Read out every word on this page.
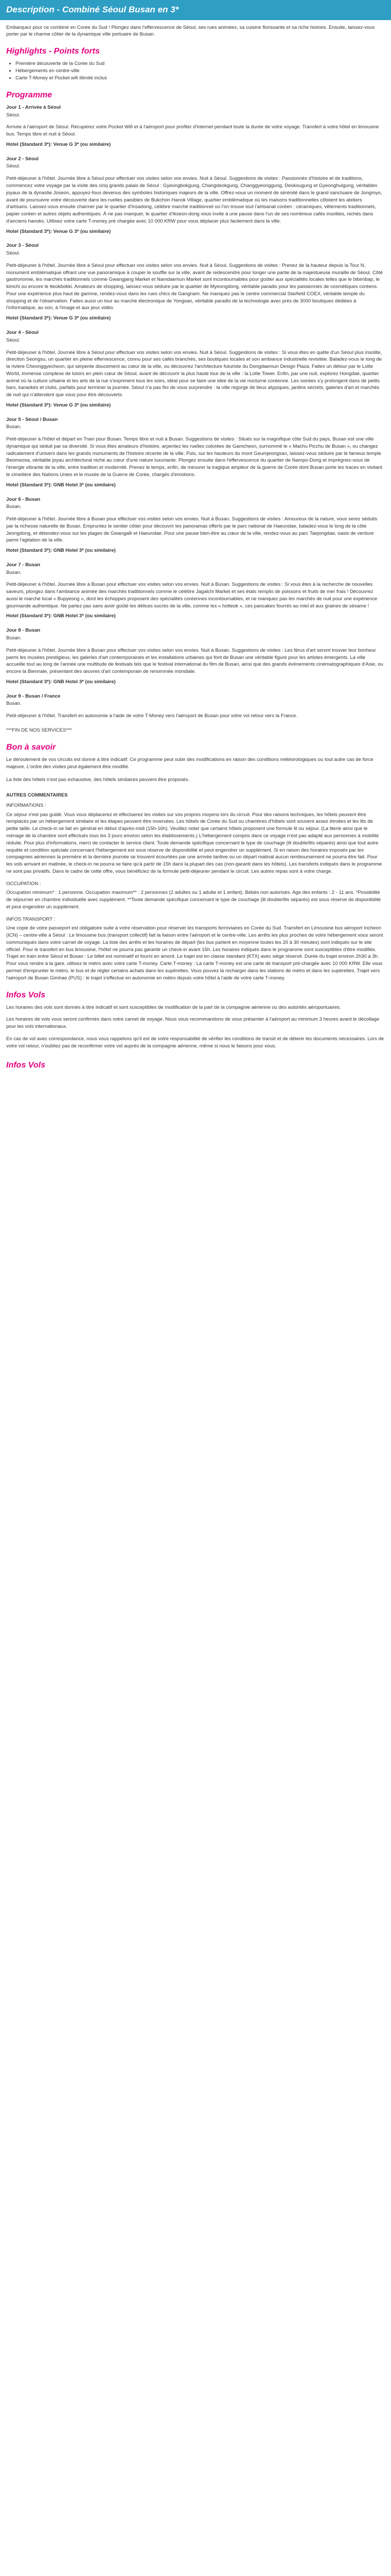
Description - Combiné Séoul Busan en 3*
Embarquez pour ce combiné en Corée du Sud ! Plongez dans l'effervescence de Séoul, ses rues animées, sa cuisine florissante et sa riche histoire. Ensuite, laissez-vous porter par le charme côtier de la dynamique ville portuaire de Busan.
Highlights - Points forts
• Première découverte de la Corée du Sud
• Hébergements en centre-ville
• Carte T-Money et Pocket wifi illimité inclus
Programme
Jour 1 - Arrivée à Séoul
Séoul.
Arrivée à l'aéroport de Séoul. Récupérez votre Pocket Wifi et à l'aéroport pour profiter d'internet pendant toute la durée de votre voyage. Transfert à votre hôtel en limousine bus. Temps libre et nuit à Séoul.
Hotel (Standard 3*): Venue G 3* (ou similaire)
Jour 2 - Séoul
Séoul.
Petit-déjeuner à l'hôtel. Journée libre à Séoul pour effectuer vos visites selon vos envies. Nuit à Séoul. Suggestions de visites : Passionnés d'histoire et de traditions, commencez votre voyage par la visite des cinq grands palais de Séoul : Gyeongbokgung, Changdeokgung, Changgyeonggung, Deoksugung et Gyeonghuigung, véritables joyaux de la dynastie Joseon, appuyez-fous devenus des symboles historiques majeurs de la ville. Offrez-vous un moment de sérénité dans le grand sanctuaire de Jongmyo, avant de poursuivre votre découverte dans les ruelles paisibles de Bukchon Hanok Village, quartier emblématique où les maisons traditionnelles côtoient les ateliers d'artisans. Laissez-vous ensuite charmer par le quartier d'Insadong, célèbre marché traditionnel où l'on trouve tout l'artisanat coréen : céramiques, vêtements traditionnels, papier coréen et autres objets authentiques. À ne pas manquer, le quartier d'Ikseon-dong vous invite à une pause dans l'un de ses nombreux cafés insolites, nichés dans d'anciens hanoks. Utilisez votre carte T-money pré chargée avec 10 000 KRW pour vous déplacer plus facilement dans la ville.
Hotel (Standard 3*): Venue G 3* (ou similaire)
Jour 3 - Séoul
Séoul.
Petit-déjeuner à l'hôtel. Journée libre à Séoul pour effectuer vos visites selon vos envies. Nuit à Séoul. Suggestions de visites : Prenez de la hauteur depuis la Tour N, monument emblématique offrant une vue panoramique à couper le souffle sur la ville, avant de redescendre pour longer une partie de la majestueuse muraille de Séoul. Côté gastronomie, les marchés traditionnels comme Gwangjang Market et Namdaemun Market sont incontournables pour goûter aux spécialités locales telles que le bibimbap, le kimchi ou encore le tteokbokki. Amateurs de shopping, laissez-vous séduire par le quartier de Myeongdong, véritable paradis pour les passionnés de cosmétiques coréens. Pour une expérience plus haut de gamme, rendez-vous dans les rues chics de Gangnam. Ne manquez pas le centre commercial Starfield COEX, véritable temple du shopping et de l'observation. Faites aussi un tour au marché électronique de Yongsan, véritable paradis de la technologie avec près de 3000 boutiques dédiées à l'informatique, au son, à l'image et aux jeux vidéo.
Hotel (Standard 3*): Venue G 3* (ou similaire)
Jour 4 - Séoul
Séoul.
Petit-déjeuner à l'hôtel. Journée libre à Séoul pour effectuer vos visites selon vos envies. Nuit à Séoul. Suggestions de visites : Si vous êtes en quête d'un Séoul plus insolite, direction Seongsu, un quartier en pleine effervescence, connu pour ses cafés branchés, ses boutiques locales et son ambiance industrielle revisitée. Baladez-vous le long de la rivière Cheonggyecheon, qui serpente doucement au cœur de la ville, ou découvrez l'architecture futuriste du Dongdaemun Design Plaza. Faites un détour par le Lotte World, immense complexe de loisirs en plein cœur de Séoul, avant de découvrir la plus haute tour de la ville : la Lotte Tower. Enfin, par une nuit, explorez Hongdae, quartier animé où la culture urbaine et les arts de la rue s'expriment tous les soirs, idéal pour se faire une idée de la vie nocturne coréenne. Les soirées s'y prolongent dans de petits bars, karaokés et clubs, parfaits pour terminer la journée. Séoul n'a pas fini de vous surprendre : la ville regorge de lieux atypiques, jardins secrets, galeries d'art et marchés de nuit qui n'attendent que vous pour être découverts.
Hotel (Standard 3*): Venue G 3* (ou similaire)
Jour 5 - Séoul / Busan
Busan.
Petit-déjeuner à l'hôtel et départ en Train pour Busan. Temps libre et nuit à Busan. Suggestions de visites : Situés sur la magnifique côte Sud du pays, Busan est une ville dynamique qui séduit par sa diversité. Si vous êtes amateurs d'histoire, arpentez les ruelles colorées de Gamcheon, surnommé le « Machu Picchu de Busan », ou changez radicalement d'univers dans les grands monuments de l'histoire récente de la ville. Puis, sur les hauteurs du mont Geumjeongsan, laissez-vous séduire par le fameux temple Beomeosa, véritable joyau architectural niché au cœur d'une nature luxuriante. Plongez ensuite dans l'effervescence du quartier de Nampo-Dong et imprégnez-vous de l'énergie vibrante de la ville, entre tradition et modernité. Prenez le temps, enfin, de mesurer la tragique ampleur de la guerre de Corée dont Busan porte les traces en visitant le cimetière des Nations Unies et le musée de la Guerre de Corée, chargés d'émotions.
Hotel (Standard 3*): GNB Hotel 3* (ou similaire)
Jour 6 - Busan
Busan.
Petit-déjeuner à l'hôtel. Journée libre à Busan pour effectuer vos visites selon vos envies. Nuit à Busan. Suggestions de visites : Amoureux de la nature, vous serez séduits par la richesse naturelle de Busan. Empruntez le sentier côtier pour découvrir les panoramas offerts par le parc national de Haeundae, baladez-vous le long de la côte Jeongdong, et détendez-vous sur les plages de Gwangalli et Haeundae. Pour une pause bien-être au cœur de la ville, rendez-vous au parc Taejongdae, oasis de verdure parmi l'agitation de la ville.
Hotel (Standard 3*): GNB Hotel 3* (ou similaire)
Jour 7 - Busan
Busan.
Petit-déjeuner à l'hôtel. Journée libre à Busan pour effectuer vos visites selon vos envies. Nuit à Busan. Suggestions de visites : Si vous êtes à la recherche de nouvelles saveurs, plongez dans l'ambiance animée des marchés traditionnels comme le célèbre Jagalchi Market et ses étals remplis de poissons et fruits de mer frais ! Découvrez aussi le marché local « Bupyeong », dont les échoppes proposent des spécialités coréennes incontournables, et ne manquez pas les marchés de nuit pour une expérience gourmande authentique. Ne partez pas sans avoir goûté les délices sucrés de la ville, comme les « hotteok », ces pancakes fourrés au miel et aux graines de sésame !
Hotel (Standard 3*): GNB Hotel 3* (ou similaire)
Jour 8 - Busan
Busan.
Petit-déjeuner à l'hôtel. Journée libre à Busan pour effectuer vos visites selon vos envies. Nuit à Busan. Suggestions de visites : Les férus d'art seront trouver leur bonheur parmi les musées prestigieux, les galeries d'art contemporaines et les installations urbaines qui font de Busan une véritable figure pour les artistes émergents. La ville accueille tout au long de l'année une multitude de festivals tels que le festival international du film de Busan, ainsi que des grands événements cinématographiques d'Asie, ou encore la Biennale, présentant des œuvres d'art contemporain de renommée mondiale.
Hotel (Standard 3*): GNB Hotel 3* (ou similaire)
Jour 9 - Busan / France
Busan.
Petit-déjeuner à l'hôtel. Transfert en autonomie à l'aide de votre T-Money vers l'aéroport de Busan pour votre vol retour vers la France.
***FIN DE NOS SERVICES***
Bon à savoir

Le déroulement de vos circuits est donné à titre indicatif. Ce programme peut subir des modifications en raison des conditions météorologiques ou tout autre cas de force majeure. L'ordre des visites peut également être modifié.

La liste des hôtels n'est pas exhaustive, des hôtels similaires peuvent être proposés.

AUTRES COMMENTAIRES
INFORMATIONS :
Ce séjour n'est pas guidé. Vous vous déplacerez et effectuerez les visites sur vos propres moyens lors du circuit. Pour des raisons techniques, les hôtels peuvent être remplacés par un hébergement similaire et les étapes peuvent être inversées. Les hôtels de Corée du Sud ou chambres d'hôtels sont souvent assez étroites et les lits de petite taille. Le check-in se fait en général en début d'après-midi (15h-16h). Veuillez noter que certains hôtels proposent une formule lit ou séjour. (La literie ainsi que le ménage de la chambre sont effectués tous les 3 jours environ selon les établissements.) L'hébergement compris dans ce voyage n'est pas adapté aux personnes à mobilité réduite. Pour plus d'informations, merci de contacter le service client. Toute demande spécifique concernant le type de couchage (lit double/lits séparés) ainsi que tout autre requête et condition spéciale concernant l'hébergement est sous réserve de disponibilité et peut engendrer un supplément. Si en raison des horaires imposés par les compagnies aériennes la première et la dernière journée se trouvent écourtées par une arrivée tardive ou un départ matinal aucun remboursement ne pourra être fait. Pour les vols arrivant en matinée, le check-in ne pourra se faire qu'à partir de 15h dans la plupart des cas (non-garanti dans les hôtels). Les transferts indiqués dans le programme ne sont pas privatifs. Dans le cadre de cette offre, vous bénéficiez de la formule petit-déjeuner pendant le circuit. Les autres repas sont à votre charge.
OCCUPATION :
Occupation minimum* : 1 personne. Occupation maximum** : 2 personnes (2 adultes ou 1 adulte et 1 enfant). Bébés non autorisés. Age des enfants : 2 - 11 ans. *Possibilité de séjourner en chambre individuelle avec supplément. **Toute demande spécifique concernant le type de couchage (lit double/lits séparés) est sous réserve de disponibilité et peut engendrer un supplément.
INFOS TRANSPORT :
Une copie de votre passeport est obligatoire suite à votre réservation pour réserver les transports ferroviaires en Corée du Sud. Transfert en Limousine bus aéroport Incheon (ICN) – centre-ville à Séoul : Le limousine bus (transport collectif) fait la liaison entre l'aéroport et le centre-ville. Les arrêts les plus proches de votre hébergement vous seront communiqués dans votre carnet de voyage. La liste des arrêts et les horaires de départ (les bus partent en moyenne toutes les 20 à 30 minutes) sont indiqués sur le site officiel. Pour le transfert en bus limousine, l'hôtel ne pourra pas garantir un check-in avant 15h. Les horaires indiqués dans le programme sont susceptibles d'être modifiés. Trajet en train entre Séoul et Busan : Le billet est nominatif et fourni en amont. Le trajet est en classe standard (KTX) avec siège réservé. Durée du trajet environ 2h30 à 3h. Pour vous rendre à la gare, utilisez le métro avec votre carte T-money. Carte T-money : La carte T-money est une carte de transport pré-chargée avec 10 000 KRW. Elle vous permet d'emprunter le métro, le bus et de régler certains achats dans les supérettes. Vous pouvez la recharger dans les stations de métro et dans les supérettes. Trajet vers l'aéroport de Busan Gimhae (PUS) : le trajet s'effectue en autonomie en métro depuis votre hôtel à l'aide de votre carte T-money.
Infos Vols

Les horaires des vols sont donnés à titre indicatif et sont susceptibles de modification de la part de la compagnie aérienne ou des autorités aéroportuaires.

Les horaires de vols vous seront confirmés dans votre carnet de voyage. Nous vous recommandons de vous présenter à l'aéroport au minimum 3 heures avant le décollage pour les vols internationaux.

En cas de vol avec correspondance, nous vous rappelons qu'il est de votre responsabilité de vérifier les conditions de transit et de détenir les documents nécessaires. Lors de votre vol retour, n'oubliez pas de reconfirmer votre vol auprès de la compagnie aérienne, même si nous le faisons pour vous.

Infos Vols
